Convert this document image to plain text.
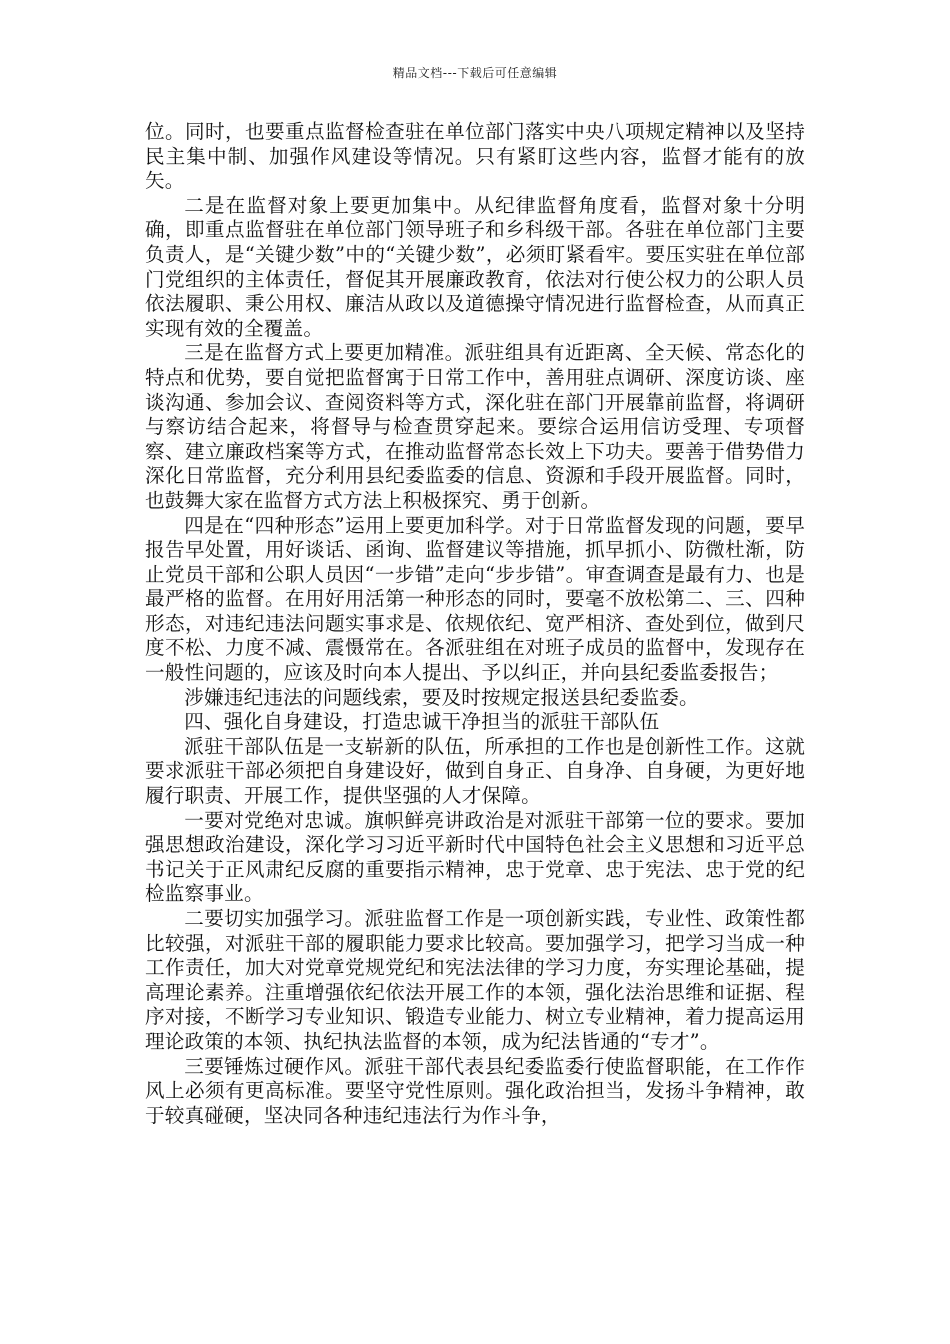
精品文档---下载后可任意编辑

位。同时，也要重点监督检查驻在单位部门落实中央八项规定精神以及坚持民主集中制、加强作风建设等情况。只有紧盯这些内容，监督才能有的放矢。

二是在监督对象上要更加集中。从纪律监督角度看，监督对象十分明确，即重点监督驻在单位部门领导班子和乡科级干部。各驻在单位部门主要负责人，是“关键少数”中的“关键少数”，必须盯紧看牢。要压实驻在单位部门党组织的主体责任，督促其开展廉政教育，依法对行使公权力的公职人员依法履职、秉公用权、廉洁从政以及道德操守情况进行监督检查，从而真正实现有效的全覆盖。

三是在监督方式上要更加精准。派驻组具有近距离、全天候、常态化的特点和优势，要自觉把监督寓于日常工作中，善用驻点调研、深度访谈、座谈沟通、参加会议、查阅资料等方式，深化驻在部门开展靠前监督，将调研与察访结合起来，将督导与检查贯穿起来。要综合运用信访受理、专项督察、建立廉政档案等方式，在推动监督常态长效上下功夫。要善于借势借力深化日常监督，充分利用县纪委监委的信息、资源和手段开展监督。同时，也鼓舞大家在监督方式方法上积极探究、勇于创新。

四是在“四种形态”运用上要更加科学。对于日常监督发现的问题，要早报告早处置，用好谈话、函询、监督建议等措施，抓早抓小、防微杜渐，防止党员干部和公职人员因“一步错”走向“步步错”。审查调查是最有力、也是最严格的监督。在用好用活第一种形态的同时，要毫不放松第二、三、四种形态，对违纪违法问题实事求是、依规依纪、宽严相济、查处到位，做到尺度不松、力度不减、震慑常在。各派驻组在对班子成员的监督中，发现存在一般性问题的，应该及时向本人提出、予以纠正，并向县纪委监委报告；

涉嫌违纪违法的问题线索，要及时按规定报送县纪委监委。

四、强化自身建设，打造忠诚干净担当的派驻干部队伍

派驻干部队伍是一支崭新的队伍，所承担的工作也是创新性工作。这就要求派驻干部必须把自身建设好，做到自身正、自身净、自身硬，为更好地履行职责、开展工作，提供坚强的人才保障。

一要对党绝对忠诚。旗帜鲜亮讲政治是对派驻干部第一位的要求。要加强思想政治建设，深化学习习近平新时代中国特色社会主义思想和习近平总书记关于正风肃纪反腐的重要指示精神，忠于党章、忠于宪法、忠于党的纪检监察事业。

二要切实加强学习。派驻监督工作是一项创新实践，专业性、政策性都比较强，对派驻干部的履职能力要求比较高。要加强学习，把学习当成一种工作责任，加大对党章党规党纪和宪法法律的学习力度，夯实理论基础，提高理论素养。注重增强依纪依法开展工作的本领，强化法治思维和证据、程序对接，不断学习专业知识、锻造专业能力、树立专业精神，着力提高运用理论政策的本领、执纪执法监督的本领，成为纪法皆通的“专才”。

三要锤炼过硬作风。派驻干部代表县纪委监委行使监督职能，在工作作风上必须有更高标准。要坚守党性原则。强化政治担当，发扬斗争精神，敢于较真碰硬，坚决同各种违纪违法行为作斗争，
